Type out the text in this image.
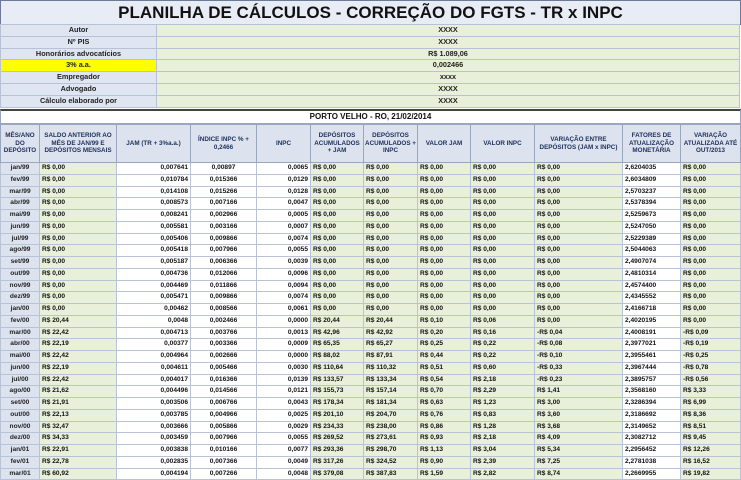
PLANILHA DE CÁLCULOS - CORREÇÃO DO FGTS - TR x INPC
Autor	XXXX
Nº PIS	XXXX
Honorários advocatícios	R$ 1.089,06
3% a.a.	0,002466
Empregador	xxxx
Advogado	XXXX
Cálculo elaborado por	XXXX
PORTO VELHO - RO, 21/02/2014
MÊS/ANO DO DEPÓSITO	SALDO ANTERIOR AO MÊS DE JAN/99 E DEPÓSITOS MENSAIS	JAM (TR + 3%a.a.)	ÍNDICE INPC % + 0,2466	INPC	DEPÓSITOS ACUMULADOS + JAM	DEPÓSITOS ACUMULADOS + INPC	VALOR JAM	VALOR INPC	VARIAÇÃO ENTRE DEPÓSITOS (JAM x INPC)	FATORES DE ATUALIZAÇÃO MONETÁRIA	VARIAÇÃO ATUALIZADA ATÉ OUT/2013
jan/99	R$ 0,00	0,007641	0,00897	0,0065	R$ 0,00	R$ 0,00	R$ 0,00	R$ 0,00	R$ 0,00	2,6204035	R$ 0,00
fev/99	R$ 0,00	0,010784	0,015366	0,0129	R$ 0,00	R$ 0,00	R$ 0,00	R$ 0,00	R$ 0,00	2,6034809	R$ 0,00
mar/99	R$ 0,00	0,014108	0,015266	0,0128	R$ 0,00	R$ 0,00	R$ 0,00	R$ 0,00	R$ 0,00	2,5703237	R$ 0,00
abr/99	R$ 0,00	0,008573	0,007166	0,0047	R$ 0,00	R$ 0,00	R$ 0,00	R$ 0,00	R$ 0,00	2,5378394	R$ 0,00
mai/99	R$ 0,00	0,008241	0,002966	0,0005	R$ 0,00	R$ 0,00	R$ 0,00	R$ 0,00	R$ 0,00	2,5259673	R$ 0,00
jun/99	R$ 0,00	0,005581	0,003166	0,0007	R$ 0,00	R$ 0,00	R$ 0,00	R$ 0,00	R$ 0,00	2,5247050	R$ 0,00
jul/99	R$ 0,00	0,005406	0,009866	0,0074	R$ 0,00	R$ 0,00	R$ 0,00	R$ 0,00	R$ 0,00	2,5229389	R$ 0,00
ago/99	R$ 0,00	0,005418	0,007966	0,0055	R$ 0,00	R$ 0,00	R$ 0,00	R$ 0,00	R$ 0,00	2,5044063	R$ 0,00
set/99	R$ 0,00	0,005187	0,006366	0,0039	R$ 0,00	R$ 0,00	R$ 0,00	R$ 0,00	R$ 0,00	2,4907074	R$ 0,00
out/99	R$ 0,00	0,004736	0,012066	0,0096	R$ 0,00	R$ 0,00	R$ 0,00	R$ 0,00	R$ 0,00	2,4810314	R$ 0,00
nov/99	R$ 0,00	0,004469	0,011866	0,0094	R$ 0,00	R$ 0,00	R$ 0,00	R$ 0,00	R$ 0,00	2,4574400	R$ 0,00
dez/99	R$ 0,00	0,005471	0,009866	0,0074	R$ 0,00	R$ 0,00	R$ 0,00	R$ 0,00	R$ 0,00	2,4345552	R$ 0,00
jan/00	R$ 0,00	0,00462	0,008566	0,0061	R$ 0,00	R$ 0,00	R$ 0,00	R$ 0,00	R$ 0,00	2,4166718	R$ 0,00
fev/00	R$ 20,44	0,0048	0,002466	0,0000	R$ 20,44	R$ 20,44	R$ 0,10	R$ 0,06	R$ 0,00	2,4020195	R$ 0,00
mar/00	R$ 22,42	0,004713	0,003766	0,0013	R$ 42,96	R$ 42,92	R$ 0,20	R$ 0,16	-R$ 0,04	2,4008191	-R$ 0,09
abr/00	R$ 22,19	0,00377	0,003366	0,0009	R$ 65,35	R$ 65,27	R$ 0,25	R$ 0,22	-R$ 0,08	2,3977021	-R$ 0,19
mai/00	R$ 22,42	0,004964	0,002666	0,0000	R$ 88,02	R$ 87,91	R$ 0,44	R$ 0,22	-R$ 0,10	2,3955461	-R$ 0,25
jun/00	R$ 22,19	0,004611	0,005466	0,0030	R$ 110,64	R$ 110,32	R$ 0,51	R$ 0,60	-R$ 0,33	2,3967444	-R$ 0,78
jul/00	R$ 22,42	0,004017	0,016366	0,0139	R$ 133,57	R$ 133,34	R$ 0,54	R$ 2,18	-R$ 0,23	2,3895757	-R$ 0,56
ago/00	R$ 21,62	0,004496	0,014566	0,0121	R$ 155,73	R$ 157,14	R$ 0,70	R$ 2,29	R$ 1,41	2,3568160	R$ 3,33
set/00	R$ 21,91	0,003506	0,006766	0,0043	R$ 178,34	R$ 181,34	R$ 0,63	R$ 1,23	R$ 3,00	2,3286394	R$ 6,99
out/00	R$ 22,13	0,003785	0,004966	0,0025	R$ 201,10	R$ 204,70	R$ 0,76	R$ 0,83	R$ 3,60	2,3186692	R$ 8,36
nov/00	R$ 32,47	0,003666	0,005866	0,0029	R$ 234,33	R$ 238,00	R$ 0,86	R$ 1,28	R$ 3,68	2,3149652	R$ 8,51
dez/00	R$ 34,33	0,003459	0,007966	0,0055	R$ 269,52	R$ 273,61	R$ 0,93	R$ 2,18	R$ 4,09	2,3082712	R$ 9,45
jan/01	R$ 22,91	0,003838	0,010166	0,0077	R$ 293,36	R$ 298,70	R$ 1,13	R$ 3,04	R$ 5,34	2,2956452	R$ 12,26
fev/01	R$ 22,78	0,002835	0,007366	0,0049	R$ 317,26	R$ 324,52	R$ 0,90	R$ 2,39	R$ 7,25	2,2781038	R$ 16,52
mar/01	R$ 60,92	0,004194	0,007266	0,0048	R$ 379,08	R$ 387,83	R$ 1,59	R$ 2,82	R$ 8,74	2,2669955	R$ 19,82
